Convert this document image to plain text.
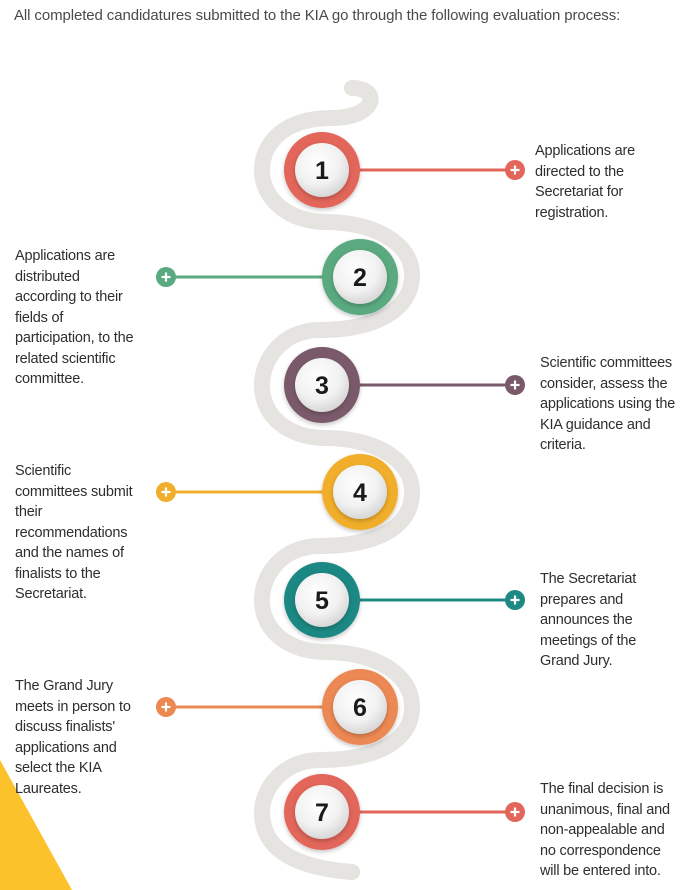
All completed candidatures submitted to the KIA go through the following evaluation process:
1
2
3
4
5
6
7
Applications are
directed to the
Secretariat for
registration.
Applications are
distributed
according to their
fields of
participation, to the
related scientific
committee.
Scientific committees
consider, assess the
applications using the
KIA guidance and
criteria.
Scientific
committees submit
their
recommendations
and the names of
finalists to the
Secretariat.
The Secretariat
prepares and
announces the
meetings of the
Grand Jury.
The Grand Jury
meets in person to
discuss finalists'
applications and
select the KIA
Laureates.	The final decision is
unanimous, final and
non-appealable and
no correspondence
will be entered into.
